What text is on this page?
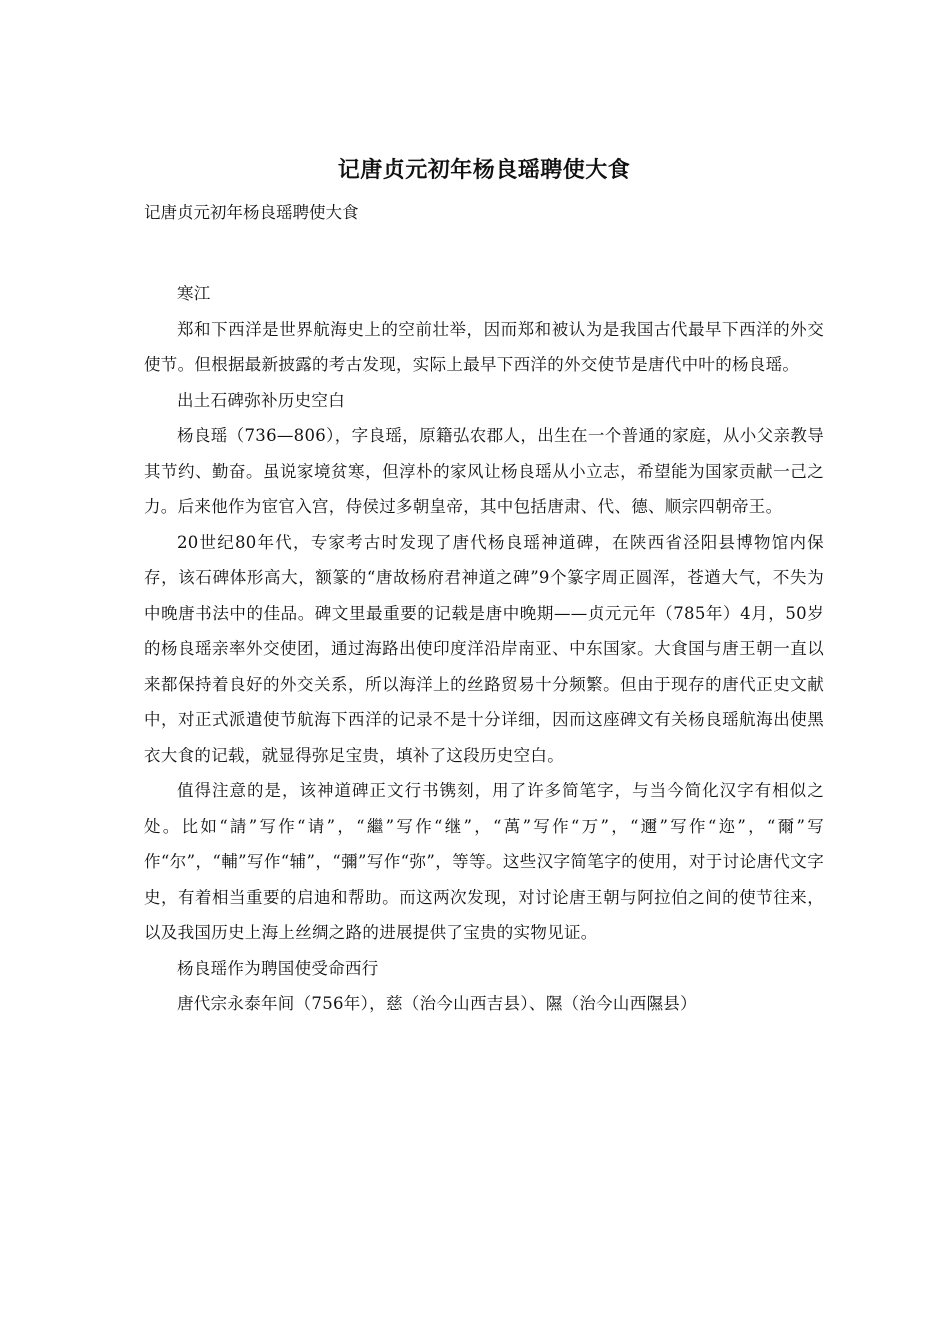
记唐贞元初年杨良瑶聘使大食

记唐贞元初年杨良瑶聘使大食

寒江

郑和下西洋是世界航海史上的空前壮举，因而郑和被认为是我国古代最早下西洋的外交使节。但根据最新披露的考古发现，实际上最早下西洋的外交使节是唐代中叶的杨良瑶。

出土石碑弥补历史空白

杨良瑶（736—806），字良瑶，原籍弘农郡人，出生在一个普通的家庭，从小父亲教导其节约、勤奋。虽说家境贫寒，但淳朴的家风让杨良瑶从小立志，希望能为国家贡献一己之力。后来他作为宦官入宫，侍侯过多朝皇帝，其中包括唐肃、代、德、顺宗四朝帝王。

20世纪80年代，专家考古时发现了唐代杨良瑶神道碑，在陕西省泾阳县博物馆内保存，该石碑体形高大，额篆的“唐故杨府君神道之碑”9个篆字周正圆浑，苍遒大气，不失为中晚唐书法中的佳品。碑文里最重要的记载是唐中晚期——贞元元年（785年）4月，50岁的杨良瑶亲率外交使团，通过海路出使印度洋沿岸南亚、中东国家。大食国与唐王朝一直以来都保持着良好的外交关系，所以海洋上的丝路贸易十分频繁。但由于现存的唐代正史文献中，对正式派遣使节航海下西洋的记录不是十分详细，因而这座碑文有关杨良瑶航海出使黑衣大食的记载，就显得弥足宝贵，填补了这段历史空白。

值得注意的是，该神道碑正文行书镌刻，用了许多简笔字，与当今简化汉字有相似之处。比如“請”写作“请”，“繼”写作“继”，“萬”写作“万”，“邇”写作“迩”，“爾”写作“尔”，“輔”写作“辅”，“彌”写作“弥”，等等。这些汉字简笔字的使用，对于讨论唐代文字史，有着相当重要的启迪和帮助。而这两次发现，对讨论唐王朝与阿拉伯之间的使节往来，以及我国历史上海上丝绸之路的进展提供了宝贵的实物见证。

杨良瑶作为聘国使受命西行

唐代宗永泰年间（756年），慈（治今山西吉县）、隰（治今山西隰县）
